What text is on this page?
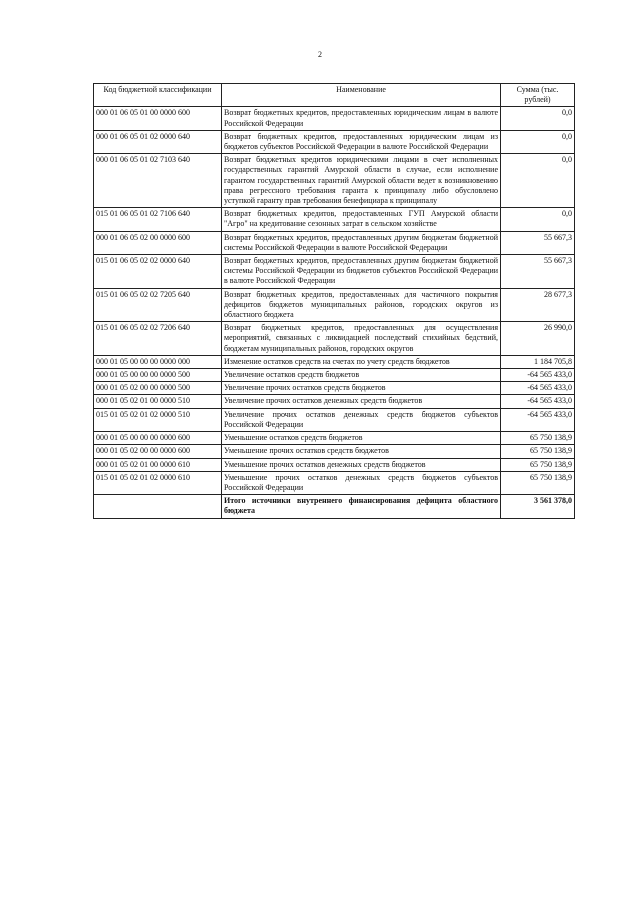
2
Код бюджетной классификации	Наименование	Сумма (тыс. рублей)
000 01 06 05 01 00 0000 600	Возврат бюджетных кредитов, предоставленных юридическим лицам в валюте Российской Федерации	0,0
000 01 06 05 01 02 0000 640	Возврат бюджетных кредитов, предоставленных юридическим лицам из бюджетов субъектов Российской Федерации в валюте Российской Федерации	0,0
000 01 06 05 01 02 7103 640	Возврат бюджетных кредитов юридическими лицами в счет исполненных государственных гарантий Амурской области в случае, если исполнение гарантом государственных гарантий Амурской области ведет к возникновению права регрессного требования гаранта к принципалу либо обусловлено уступкой гаранту прав требования бенефициара к принципалу	0,0
015 01 06 05 01 02 7106 640	Возврат бюджетных кредитов, предоставленных ГУП Амурской области "Агро" на кредитование сезонных затрат в сельском хозяйстве	0,0
000 01 06 05 02 00 0000 600	Возврат бюджетных кредитов, предоставленных другим бюджетам бюджетной системы Российской Федерации в валюте Российской Федерации	55 667,3
015 01 06 05 02 02 0000 640	Возврат бюджетных кредитов, предоставленных другим бюджетам бюджетной системы Российской Федерации из бюджетов субъектов Российской Федерации в валюте Российской Федерации	55 667,3
015 01 06 05 02 02 7205 640	Возврат бюджетных кредитов, предоставленных для частичного покрытия дефицитов бюджетов муниципальных районов, городских округов из областного бюджета	28 677,3
015 01 06 05 02 02 7206 640	Возврат бюджетных кредитов, предоставленных для осуществления мероприятий, связанных с ликвидацией последствий стихийных бедствий, бюджетам муниципальных районов, городских округов	26 990,0
000 01 05 00 00 00 0000 000	Изменение остатков средств на счетах по учету средств бюджетов	1 184 705,8
000 01 05 00 00 00 0000 500	Увеличение остатков средств бюджетов	-64 565 433,0
000 01 05 02 00 00 0000 500	Увеличение прочих остатков средств бюджетов	-64 565 433,0
000 01 05 02 01 00 0000 510	Увеличение прочих остатков денежных средств бюджетов	-64 565 433,0
015 01 05 02 01 02 0000 510	Увеличение прочих остатков денежных средств бюджетов субъектов Российской Федерации	-64 565 433,0
000 01 05 00 00 00 0000 600	Уменьшение остатков средств бюджетов	65 750 138,9
000 01 05 02 00 00 0000 600	Уменьшение прочих остатков средств бюджетов	65 750 138,9
000 01 05 02 01 00 0000 610	Уменьшение прочих остатков денежных средств бюджетов	65 750 138,9
015 01 05 02 01 02 0000 610	Уменьшение прочих остатков денежных средств бюджетов субъектов Российской Федерации	65 750 138,9
	Итого источники внутреннего финансирования дефицита областного бюджета	3 561 378,0
